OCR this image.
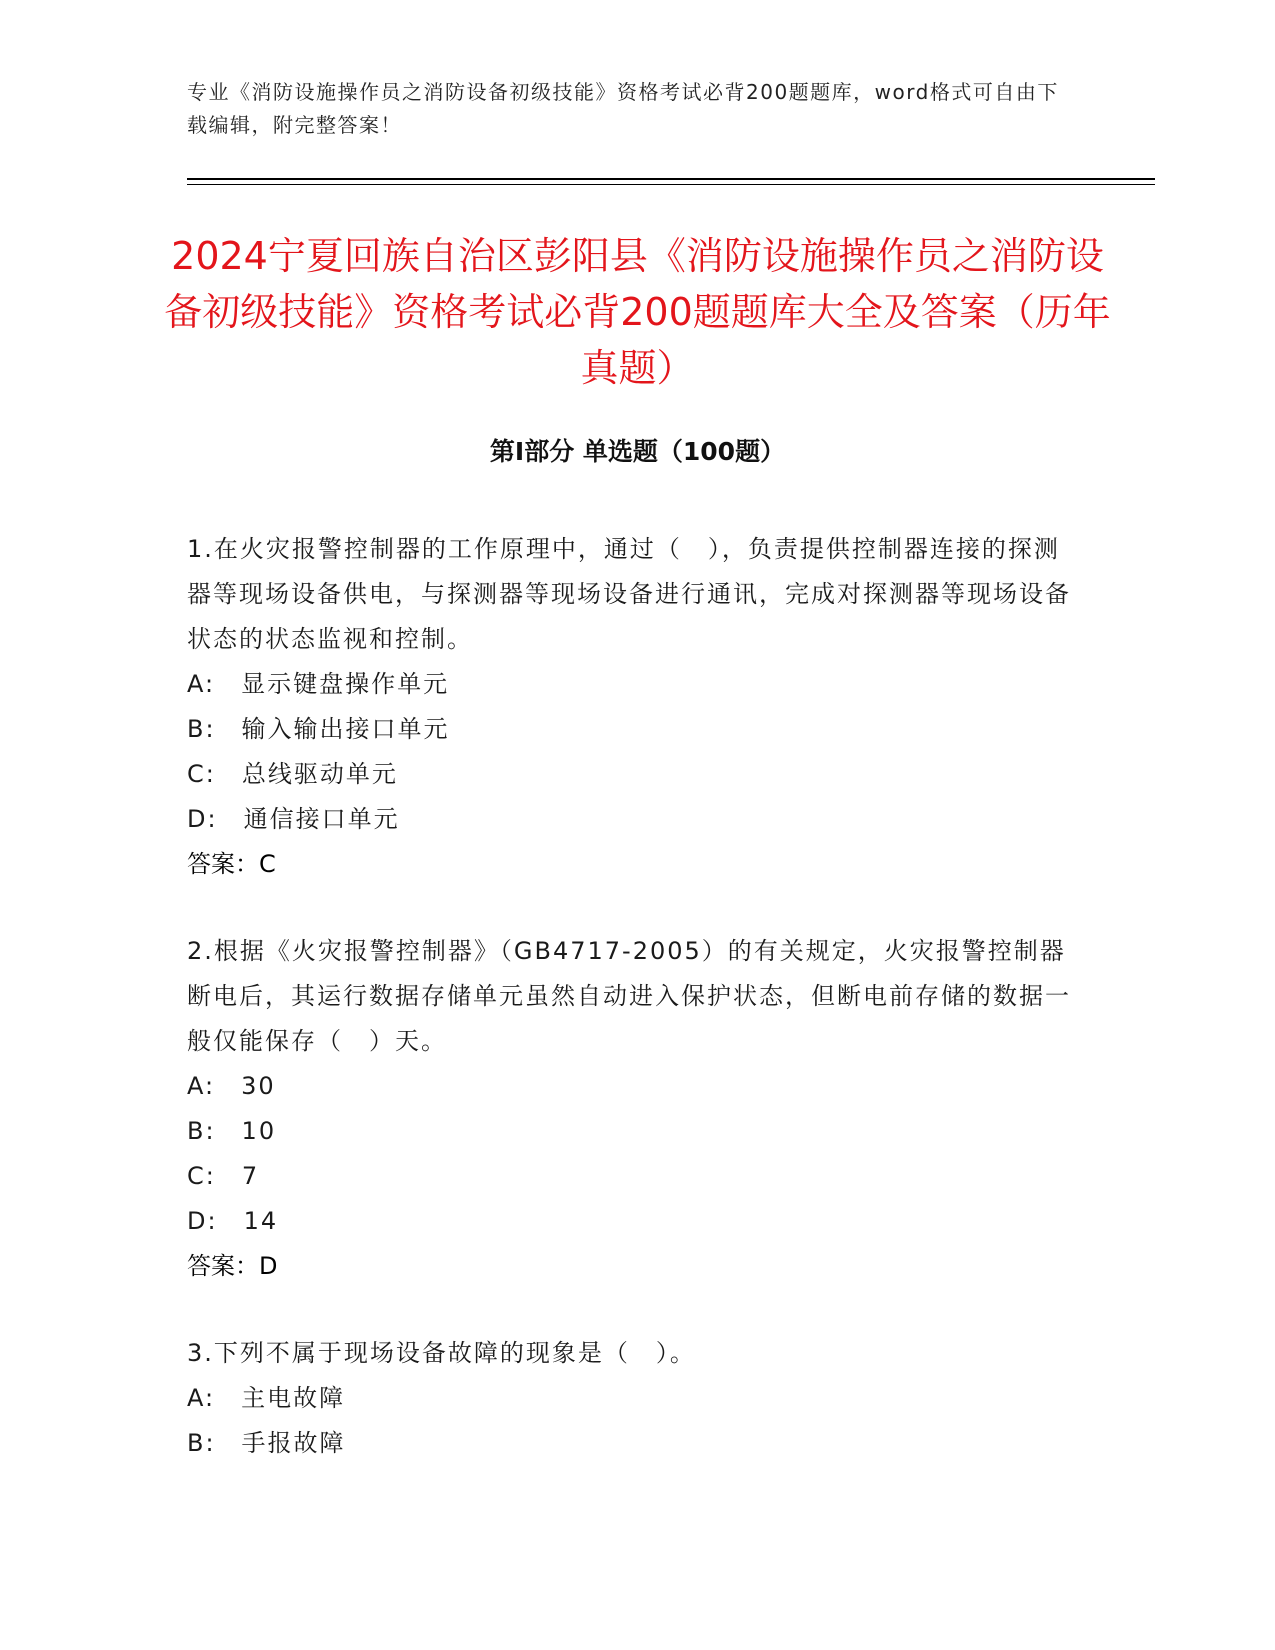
专业《消防设施操作员之消防设备初级技能》资格考试必背200题题库，word格式可自由下载编辑，附完整答案！
2024宁夏回族自治区彭阳县《消防设施操作员之消防设备初级技能》资格考试必背200题题库大全及答案（历年真题）
第Ⅰ部分 单选题（100题）

1.在火灾报警控制器的工作原理中，通过（　），负责提供控制器连接的探测器等现场设备供电，与探测器等现场设备进行通讯，完成对探测器等现场设备状态的状态监视和控制。

A:　显示键盘操作单元

B:　输入输出接口单元

C:　总线驱动单元

D:　通信接口单元

答案：C

2.根据《火灾报警控制器》（GB4717-2005）的有关规定，火灾报警控制器断电后，其运行数据存储单元虽然自动进入保护状态，但断电前存储的数据一般仅能保存（　）天。

A:　30

B:　10

C:　7

D:　14

答案：D

3.下列不属于现场设备故障的现象是（　）。

A:　主电故障

B:　手报故障
